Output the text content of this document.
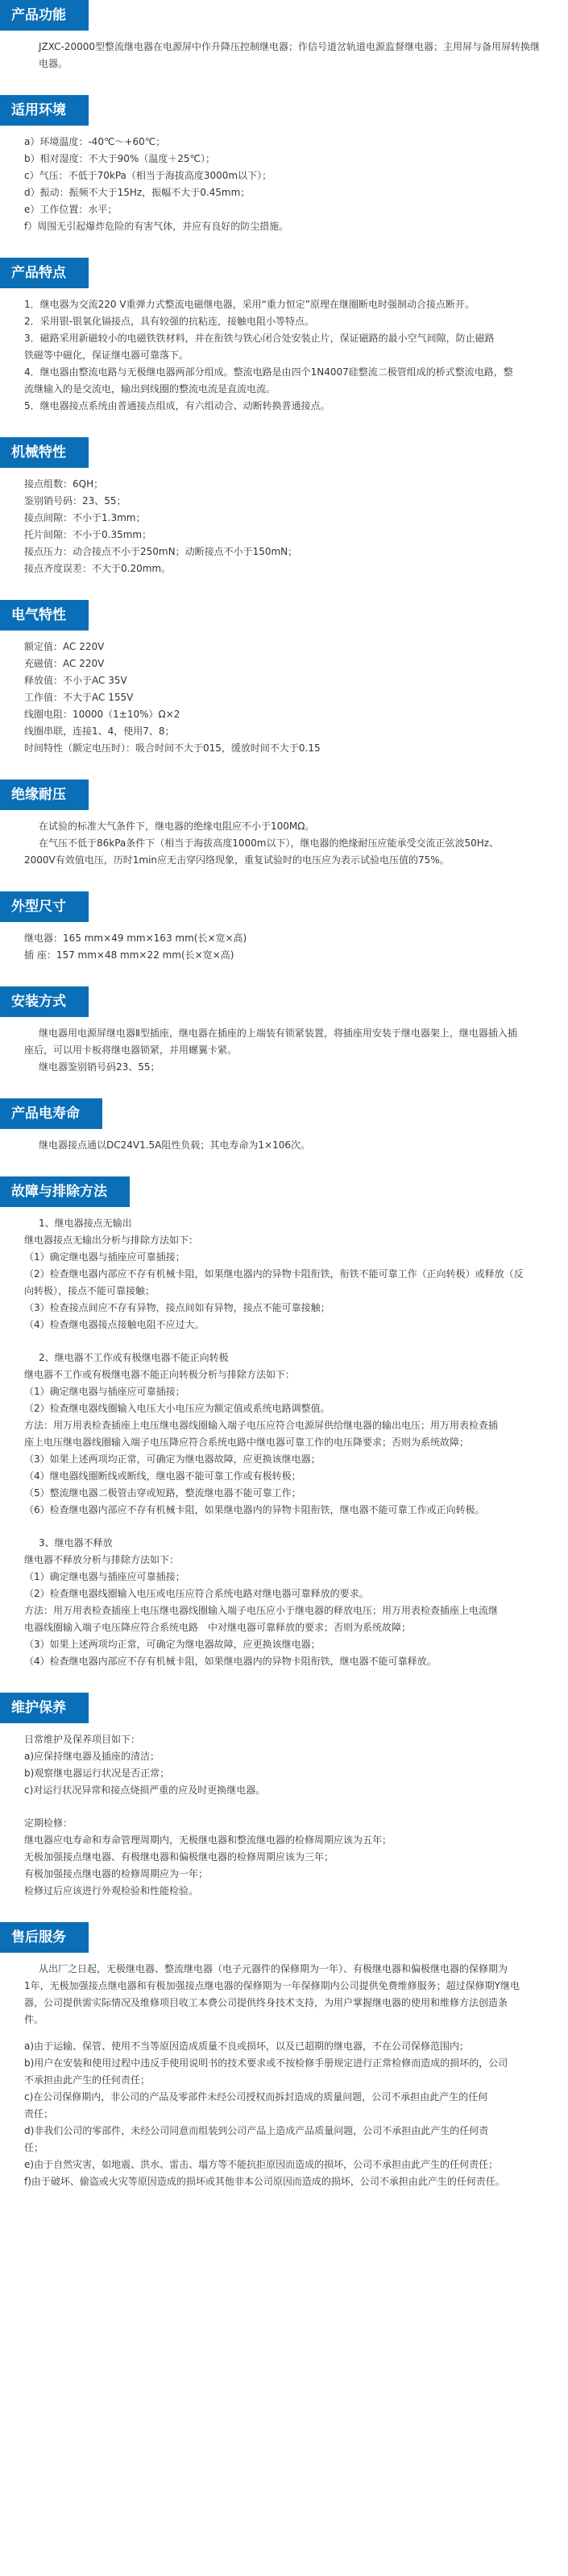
产品功能

JZXC-20000型整流继电器在电源屏中作升降压控制继电器；作信号道岔轨道电源监督继电器；主用屏与备用屏转换继电器。

适用环境

a）环境温度：-40℃～+60℃；

b）相对湿度：不大于90%（温度＋25℃）；

c）气压：不低于70kPa（相当于海拔高度3000m以下）；

d）振动：振频不大于15Hz，振幅不大于0.45mm；

e）工作位置：水平；

f）周围无引起爆炸危险的有害气体，并应有良好的防尘措施。

产品特点

1．继电器为交流220 V重弹力式整流电磁继电器，采用“重力恒定”原理在继圈断电时强制动合接点断开。

2．采用银-银氧化镉接点，具有较强的抗粘连，接触电阻小等特点。

3．磁路采用新磁较小的电磁铁铁材料，并在衔铁与铁心闭合处安装止片，保证磁路的最小空气间隙，防止磁路

铁磁等中磁化，保证继电器可靠落下。

4．继电器由整流电路与无极继电器两部分组成。整流电路是由四个1N4007硅整流二极管组成的桥式整流电路，整

流继输入的是交流电，输出到线圈的整流电流是直流电流。

5．继电器接点系统由普通接点组成，有六组动合、动断转换普通接点。

机械特性

接点组数：6QH；

鉴别销号码：23、55；

接点间隙：不小于1.3mm；

托片间隙：不小于0.35mm；

接点压力：动合接点不小于250mN；动断接点不小于150mN；

接点齐度误差：不大于0.20mm。

电气特性

额定值：AC 220V

充磁值：AC 220V

释放值：不小于AC 35V

工作值：不大于AC 155V

线圈电阻：10000（1±10%）Ω×2

线圈串联，连接1、4，使用7、8；

时间特性（额定电压时）：吸合时间不大于015，缓放时间不大于0.15

绝缘耐压

在试验的标准大气条件下，继电器的绝缘电阻应不小于100MΩ。

在气压不低于86kPa条件下（相当于海拔高度1000m以下），继电器的绝缘耐压应能承受交流正弦波50Hz、

2000V有效值电压，历时1min应无击穿闪络现象，重复试验时的电压应为表示试验电压值的75%。

外型尺寸

继电器：165 mm×49 mm×163 mm(长×宽×高)

插 座：157 mm×48 mm×22 mm(长×宽×高)

安装方式

继电器用电源屏继电器Ⅱ型插座，继电器在插座的上端装有锁紧装置，将插座用安装于继电器架上，继电器插入插

座后，可以用卡板将继电器锁紧，并用螺翼卡紧。

继电器鉴别销号码23、55；

产品电寿命

继电器接点通以DC24V1.5A阻性负载；其电寿命为1×106次。

故障与排除方法

1、继电器接点无输出

继电器接点无输出分析与排除方法如下：

（1）确定继电器与插座应可靠插接；

（2）检查继电器内部应不存有机械卡阻，如果继电器内的异物卡阻衔铁，衔铁不能可靠工作（正向转极）或释放（反

向转极），接点不能可靠接触；

（3）检查接点间应不存有异物，接点间如有异物，接点不能可靠接触；

（4）检查继电器接点接触电阻不应过大。

2、继电器不工作或有极继电器不能正向转极

继电器不工作或有极继电器不能正向转极分析与排除方法如下：

（1）确定继电器与插座应可靠插接；

（2）检查继电器线圈输入电压大小电压应为额定值或系统电路调整值。

方法：用万用表检查插座上电压继电器线圈输入端子电压应符合电源屏供给继电器的输出电压；用万用表检查插

座上电压继电器线圈输入端子电压降应符合系统电路中继电器可靠工作的电压降要求；否则为系统故障；

（3）如果上述两项均正常，可确定为继电器故障，应更换该继电器；

（4）继电器线圈断线或断线，继电器不能可靠工作或有极转极；

（5）整流继电器二极管击穿或短路，整流继电器不能可靠工作；

（6）检查继电器内部应不存有机械卡阻，如果继电器内的异物卡阻衔铁，继电器不能可靠工作或正向转极。

3、继电器不释放

继电器不释放分析与排除方法如下：

（1）确定继电器与插座应可靠插接；

（2）检查继电器线圈输入电压或电压应符合系统电路对继电器可靠释放的要求。

方法：用万用表检查插座上电压继电器线圈输入端子电压应小于继电器的释放电压；用万用表检查插座上电流继

电器线圈输入端子电压降应符合系统电路　中对继电器可靠释放的要求；否则为系统故障；

（3）如果上述两项均正常，可确定为继电器故障，应更换该继电器；

（4）检查继电器内部应不存有机械卡阻，如果继电器内的异物卡阻衔铁，继电器不能可靠释放。

维护保养

日常维护及保养项目如下：

a)应保持继电器及插座的清洁；

b)观察继电器运行状况是否正常；

c)对运行状况异常和接点烧损严重的应及时更换继电器。

定期检修：

继电器应电寿命和寿命管理周期内，无极继电器和整流继电器的检修周期应该为五年；

无极加强接点继电器、有极继电器和偏极继电器的检修周期应该为三年；

有极加强接点继电器的检修周期应为一年；

检修过后应该进行外观检验和性能检验。

售后服务

从出厂之日起，无极继电器、整流继电器（电子元器件的保修期为一年）、有极继电器和偏极继电器的保修期为

1年，无极加强接点继电器和有极加强接点继电器的保修期为一年保修期内公司提供免费维修服务；超过保修期Y继电

器，公司提供需实际情况及维修项目收工本费公司提供终身技术支持，为用户掌握继电器的使用和维修方法创造条

件。

a)由于运输、保管、使用不当等原因造成质量不良或损坏，以及已超期的继电器，不在公司保修范围内；

b)用户在安装和使用过程中违反手使用说明书的技术要求或不按检修手册规定进行正常检修而造成的损坏的，公司

不承担由此产生的任何责任；

c)在公司保修期内，非公司的产品及零部件未经公司授权而拆封造成的质量问题，公司不承担由此产生的任何

责任；

d)非我们公司的零部件，未经公司同意而组装到公司产品上造成产品质量问题，公司不承担由此产生的任何责

任；

e)由于自然灾害，如地震、洪水、雷击、塌方等不能抗拒原因而造成的损坏，公司不承担由此产生的任何责任；

f)由于破坏、偷盗或火灾等原因造成的损坏或其他非本公司原因而造成的损坏，公司不承担由此产生的任何责任。
